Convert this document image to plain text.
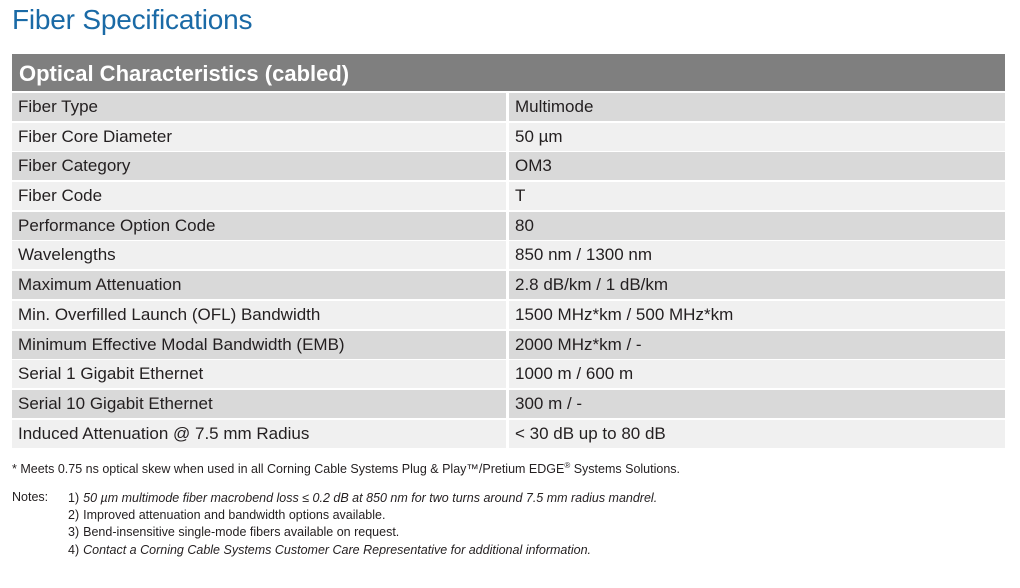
Fiber Specifications
Optical Characteristics (cabled)
Fiber Type	Multimode
Fiber Core Diameter	50 µm
Fiber Category	OM3
Fiber Code	T
Performance Option Code	80
Wavelengths	850 nm / 1300 nm
Maximum Attenuation	2.8 dB/km / 1 dB/km
Min. Overfilled Launch (OFL) Bandwidth	1500 MHz*km / 500 MHz*km
Minimum Effective Modal Bandwidth (EMB)	2000 MHz*km / -
Serial 1 Gigabit Ethernet	1000 m / 600 m
Serial 10 Gigabit Ethernet	300 m / -
Induced Attenuation @ 7.5 mm Radius	< 30 dB up to 80 dB
* Meets 0.75 ns optical skew when used in all Corning Cable Systems Plug & Play™/Pretium EDGE® Systems Solutions.
Notes:	1) 50 µm multimode fiber macrobend loss ≤ 0.2 dB at 850 nm for two turns around 7.5 mm radius mandrel.
2) Improved attenuation and bandwidth options available.
3) Bend-insensitive single-mode fibers available on request.
4) Contact a Corning Cable Systems Customer Care Representative for additional information.
